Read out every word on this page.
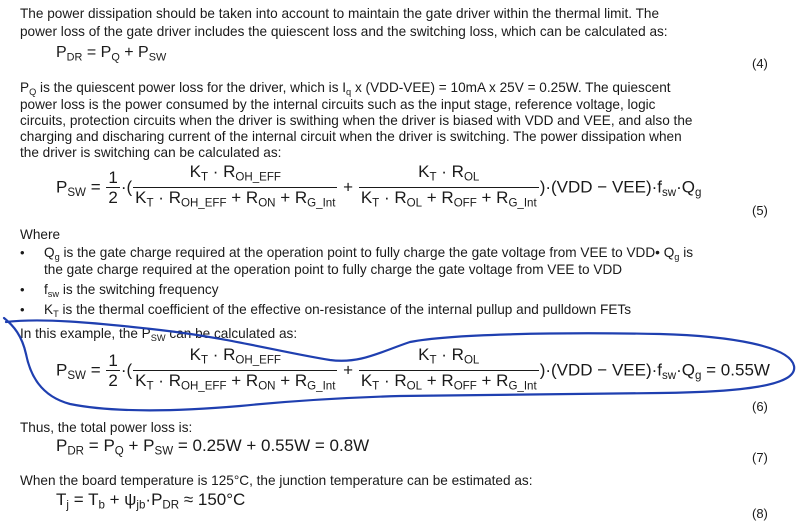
The power dissipation should be taken into account to maintain the gate driver within the thermal limit. The
power loss of the gate driver includes the quiescent loss and the switching loss, which can be calculated as:
$P_{DR} = P_Q + P_{SW}$	(4)
$P_Q$ is the quiescent power loss for the driver, which is $I_q$ x (VDD-VEE) = 10mA x 25V = 0.25W. The quiescent
power loss is the power consumed by the internal circuits such as the input stage, reference voltage, logic
circuits, protection circuits when the driver is swithing when the driver is biased with VDD and VEE, and also the
charging and discharing current of the internal circuit when the driver is switching. The power dissipation when
the driver is switching can be calculated as:
$P_{SW} = \frac{1}{2}$ ·( $\frac{K_T \cdot R_{OH\_EFF}}{K_T \cdot R_{OH\_EFF} + R_{ON} + R_{G\_Int}} + \frac{K_T \cdot R_{OL}}{K_T \cdot R_{OL} + R_{OFF} + R_{G\_Int}} )\cdot(VDD - VEE)\cdot f_{sw}\cdot Q_g$
(5)
Where
• $Q_g$ is the gate charge required at the operation point to fully charge the gate voltage from VEE to VDD• $Q_g$ is
the gate charge required at the operation point to fully charge the gate voltage from VEE to VDD
• $f_{sw}$ is the switching frequency
• $K_T$ is the thermal coefficient of the effective on-resistance of the internal pullup and pulldown FETs
In this example, the $P_{SW}$ can be calculated as:
$P_{SW} = \frac{1}{2}$ ·( $\frac{K_T \cdot R_{OH\_EFF}}{K_T \cdot R_{OH\_EFF} + R_{ON} + R_{G\_Int}} + \frac{K_T \cdot R_{OL}}{K_T \cdot R_{OL} + R_{OFF} + R_{G\_Int}} )\cdot(VDD - VEE)\cdot f_{sw}\cdot Q_g = 0.55W$
(6)
Thus, the total power loss is:
$P_{DR} = P_Q + P_{SW} = 0.25W + 0.55W = 0.8W$
(7)
When the board temperature is 125°C, the junction temperature can be estimated as:
$T_j = T_b + \psi_{jb}\cdot P_{DR} \approx 150^\circ C$
(8)
